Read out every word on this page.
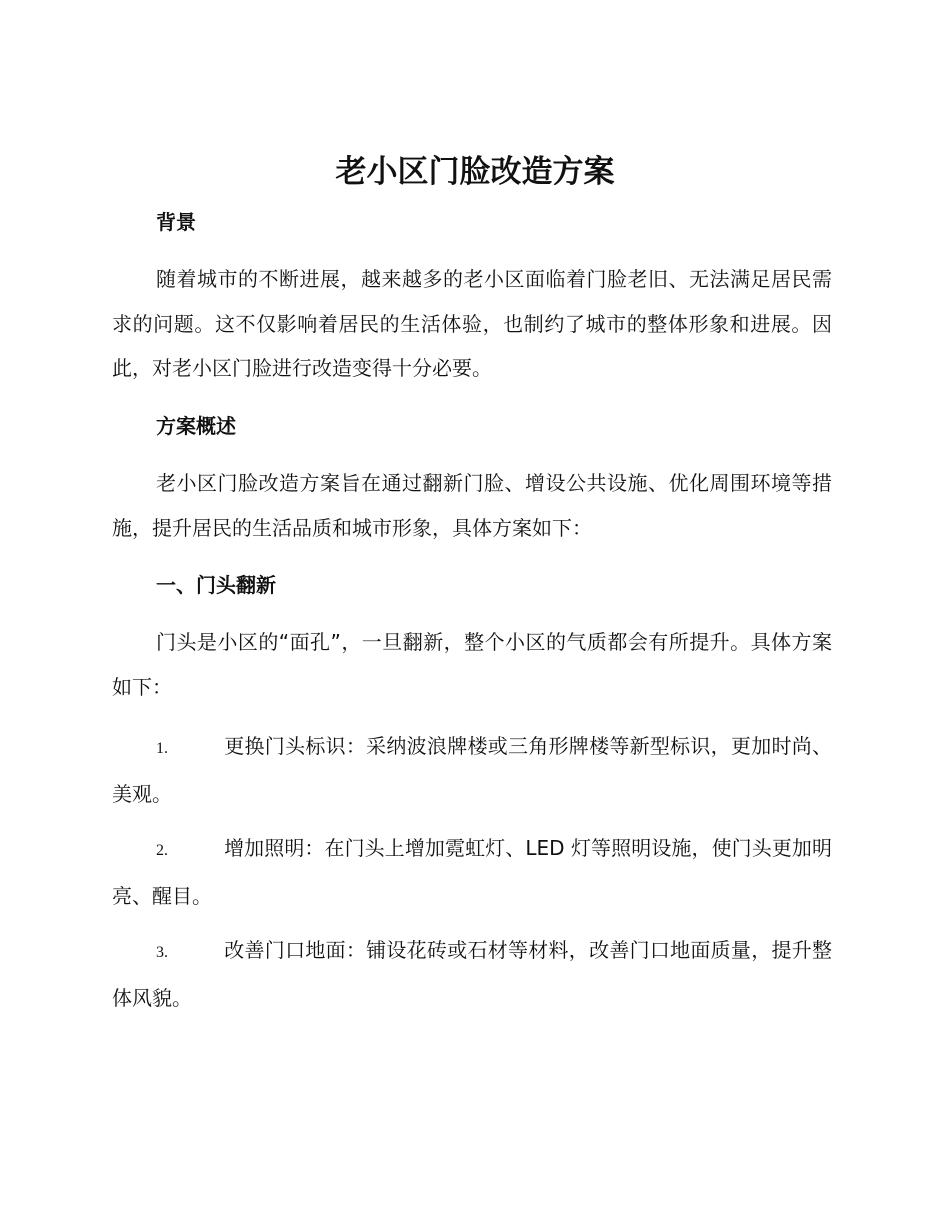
老小区门脸改造方案
背景

随着城市的不断进展，越来越多的老小区面临着门脸老旧、无法满足居民需求的问题。这不仅影响着居民的生活体验，也制约了城市的整体形象和进展。因此，对老小区门脸进行改造变得十分必要。

方案概述

老小区门脸改造方案旨在通过翻新门脸、增设公共设施、优化周围环境等措施，提升居民的生活品质和城市形象，具体方案如下：

一、门头翻新

门头是小区的“面孔”，一旦翻新，整个小区的气质都会有所提升。具体方案如下：

1.	更换门头标识：采纳波浪牌楼或三角形牌楼等新型标识，更加时尚、美观。

2.	增加照明：在门头上增加霓虹灯、LED 灯等照明设施，使门头更加明亮、醒目。

3.	改善门口地面：铺设花砖或石材等材料，改善门口地面质量，提升整体风貌。
